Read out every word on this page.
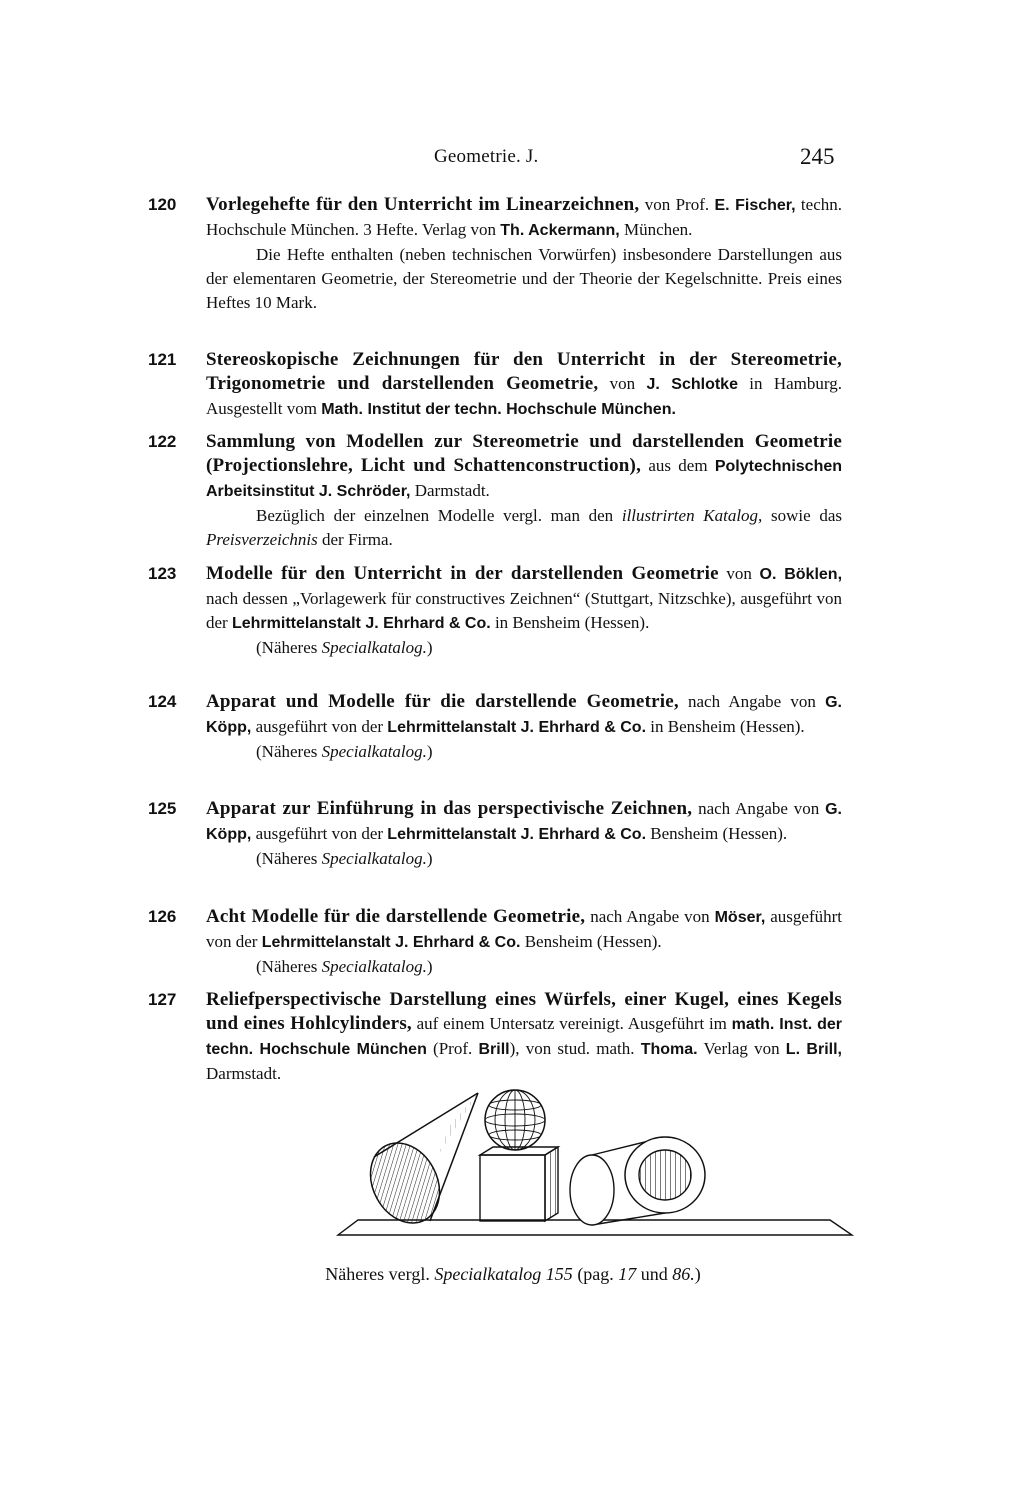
Geometrie. J.	245
120	Vorlegehefte für den Unterricht im Linearzeichnen, von Prof. E. Fischer, techn. Hochschule München. 3 Hefte. Verlag von Th. Ackermann, München.
Die Hefte enthalten (neben technischen Vorwürfen) insbesondere Darstellungen aus der elementaren Geometrie, der Stereometrie und der Theorie der Kegelschnitte. Preis eines Heftes 10 Mark.
121	Stereoskopische Zeichnungen für den Unterricht in der Stereometrie, Trigonometrie und darstellenden Geometrie, von J. Schlotke in Hamburg. Ausgestellt vom Math. Institut der techn. Hochschule München.
122	Sammlung von Modellen zur Stereometrie und darstellenden Geometrie (Projectionslehre, Licht und Schattenconstruction), aus dem Polytechnischen Arbeitsinstitut J. Schröder, Darmstadt.
Bezüglich der einzelnen Modelle vergl. man den illustrirten Katalog, sowie das Preisverzeichnis der Firma.
123	Modelle für den Unterricht in der darstellenden Geometrie von O. Böklen, nach dessen „Vorlagewerk für constructives Zeichnen“ (Stuttgart, Nitzschke), ausgeführt von der Lehrmittelanstalt J. Ehrhard & Co. in Bensheim (Hessen).
(Näheres Specialkatalog.)
124	Apparat und Modelle für die darstellende Geometrie, nach Angabe von G. Köpp, ausgeführt von der Lehrmittelanstalt J. Ehrhard & Co. in Bensheim (Hessen).
(Näheres Specialkatalog.)
125	Apparat zur Einführung in das perspectivische Zeichnen, nach Angabe von G. Köpp, ausgeführt von der Lehrmittelanstalt J. Ehrhard & Co. Bensheim (Hessen).
(Näheres Specialkatalog.)
126	Acht Modelle für die darstellende Geometrie, nach Angabe von Möser, ausgeführt von der Lehrmittelanstalt J. Ehrhard & Co. Bensheim (Hessen).
(Näheres Specialkatalog.)
127	Reliefperspectivische Darstellung eines Würfels, einer Kugel, eines Kegels und eines Hohlcylinders, auf einem Untersatz vereinigt. Ausgeführt im math. Inst. der techn. Hochschule München (Prof. Brill), von stud. math. Thoma. Verlag von L. Brill, Darmstadt.
Näheres vergl. Specialkatalog 155 (pag. 17 und 86.)
